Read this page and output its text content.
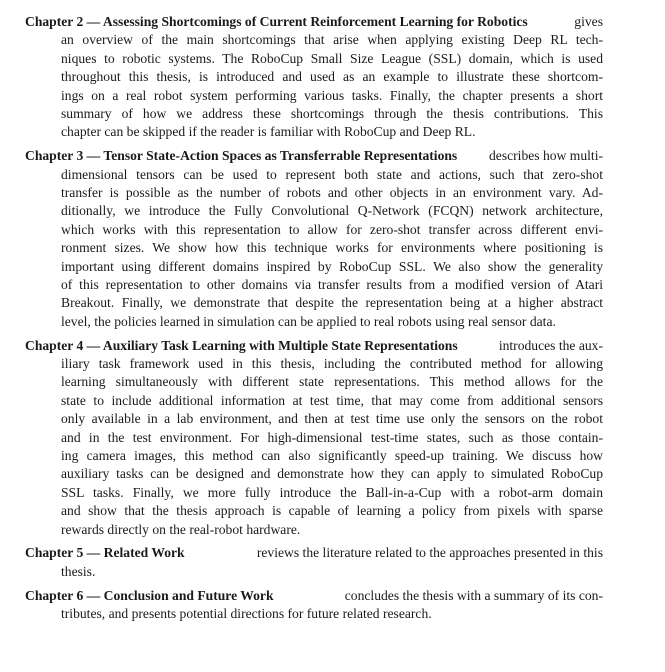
Chapter 2 — Assessing Shortcomings of Current Reinforcement Learning for Robotics	gives
an overview of the main shortcomings that arise when applying existing Deep RL tech-
niques to robotic systems. The RoboCup Small Size League (SSL) domain, which is used
throughout this thesis, is introduced and used as an example to illustrate these shortcom-
ings on a real robot system performing various tasks. Finally, the chapter presents a short
summary of how we address these shortcomings through the thesis contributions. This
chapter can be skipped if the reader is familiar with RoboCup and Deep RL.
Chapter 3 — Tensor State-Action Spaces as Transferrable Representations describes how multi-
dimensional tensors can be used to represent both state and actions, such that zero-shot
transfer is possible as the number of robots and other objects in an environment vary. Ad-
ditionally, we introduce the Fully Convolutional Q-Network (FCQN) network architecture,
which works with this representation to allow for zero-shot transfer across different envi-
ronment sizes. We show how this technique works for environments where positioning is
important using different domains inspired by RoboCup SSL. We also show the generality
of this representation to other domains via transfer results from a modified version of Atari
Breakout. Finally, we demonstrate that despite the representation being at a higher abstract
level, the policies learned in simulation can be applied to real robots using real sensor data.
Chapter 4 — Auxiliary Task Learning with Multiple State Representations	introduces the aux-
iliary task framework used in this thesis, including the contributed method for allowing
learning simultaneously with different state representations. This method allows for the
state to include additional information at test time, that may come from additional sensors
only available in a lab environment, and then at test time use only the sensors on the robot
and in the test environment. For high-dimensional test-time states, such as those contain-
ing camera images, this method can also significantly speed-up training. We discuss how
auxiliary tasks can be designed and demonstrate how they can apply to simulated RoboCup
SSL tasks. Finally, we more fully introduce the Ball-in-a-Cup with a robot-arm domain
and show that the thesis approach is capable of learning a policy from pixels with sparse
rewards directly on the real-robot hardware.
Chapter 5 — Related Work	reviews the literature related to the approaches presented in this
thesis.
Chapter 6 — Conclusion and Future Work	concludes the thesis with a summary of its con-
tributes, and presents potential directions for future related research.
